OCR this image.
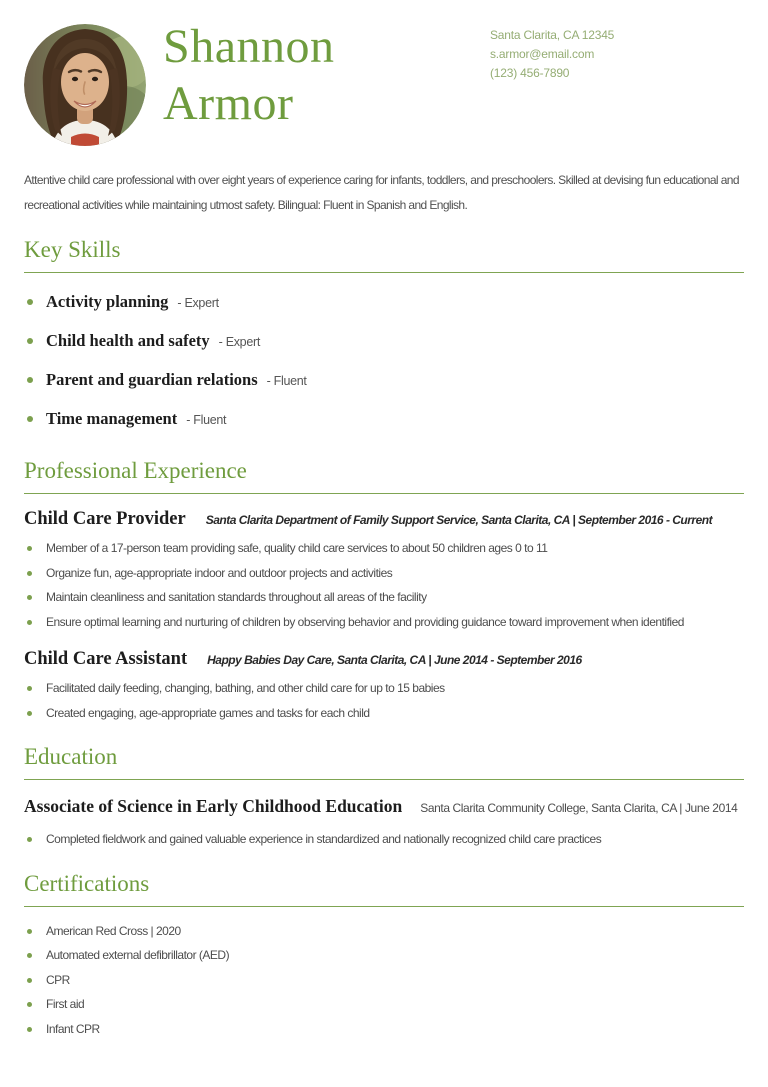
Shannon
Armor
Santa Clarita, CA 12345
s.armor@email.com
(123) 456-7890

Attentive child care professional with over eight years of experience caring for infants, toddlers, and preschoolers. Skilled at devising fun educational and recreational activities while maintaining utmost safety. Bilingual: Fluent in Spanish and English.

Key Skills
Activity planning - Expert
Child health and safety - Expert
Parent and guardian relations - Fluent
Time management - Fluent
Professional Experience
Child Care Provider Santa Clarita Department of Family Support Service, Santa Clarita, CA | September 2016 - Current
Member of a 17-person team providing safe, quality child care services to about 50 children ages 0 to 11
Organize fun, age-appropriate indoor and outdoor projects and activities
Maintain cleanliness and sanitation standards throughout all areas of the facility
Ensure optimal learning and nurturing of children by observing behavior and providing guidance toward improvement when identified
Child Care Assistant Happy Babies Day Care, Santa Clarita, CA | June 2014 - September 2016
Facilitated daily feeding, changing, bathing, and other child care for up to 15 babies
Created engaging, age-appropriate games and tasks for each child
Education

Associate of Science in Early Childhood Education Santa Clarita Community College, Santa Clarita, CA | June 2014

Completed fieldwork and gained valuable experience in standardized and nationally recognized child care practices
Certifications
American Red Cross | 2020
Automated external defibrillator (AED)
CPR
First aid
Infant CPR
